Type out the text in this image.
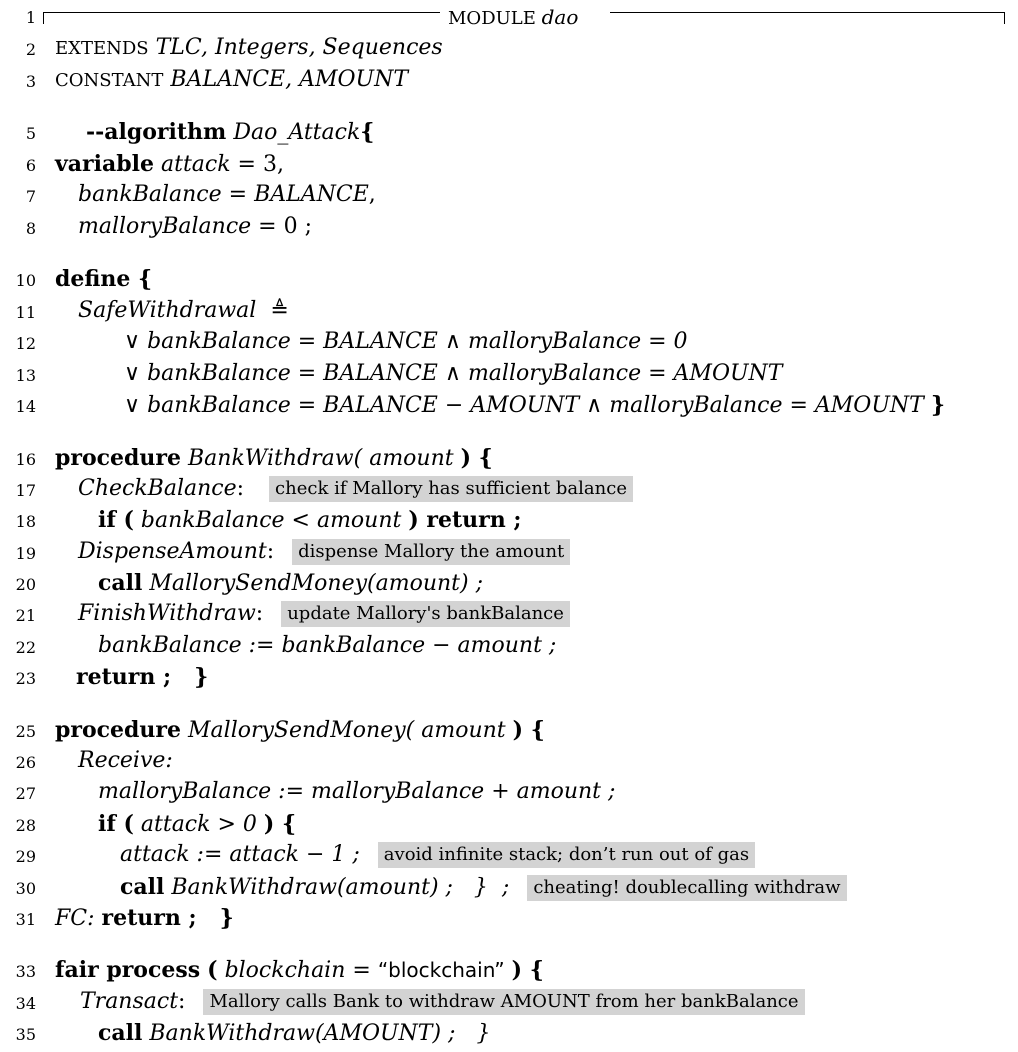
1	MODULE dao
2 EXTENDS TLC, Integers, Sequences
3 CONSTANT BALANCE, AMOUNT
5 --algorithm Dao_Attack{
6 variable attack = 3,
7 bankBalance = BALANCE,
8 malloryBalance = 0 ;
10 define {
11 SafeWithdrawal ≜
12	∨ bankBalance = BALANCE ∧ malloryBalance = 0
13	∨ bankBalance = BALANCE ∧ malloryBalance = AMOUNT
14	∨ bankBalance = BALANCE − AMOUNT ∧ malloryBalance = AMOUNT }
16 procedure BankWithdraw( amount ) {
17 CheckBalance:   check if Mallory has sufficient balance
18	if ( bankBalance < amount ) return ;
19 DispenseAmount:  dispense Mallory the amount
20	call MallorySendMoney(amount) ;
21 FinishWithdraw:  update Mallory's bankBalance
22	bankBalance := bankBalance − amount ;
23 return ;   }
25 procedure MallorySendMoney( amount ) {
26 Receive:
27	malloryBalance := malloryBalance + amount ;
28	if ( attack > 0 ) {
29	attack := attack − 1 ; avoid infinite stack; don’t run out of gas
30	call BankWithdraw(amount) ;   }  ; cheating! doublecalling withdraw
31 FC: return ;   }
33 fair process ( blockchain = “blockchain” ) {
34 Transact:  Mallory calls Bank to withdraw AMOUNT from her bankBalance
35	call BankWithdraw(AMOUNT) ;   }
